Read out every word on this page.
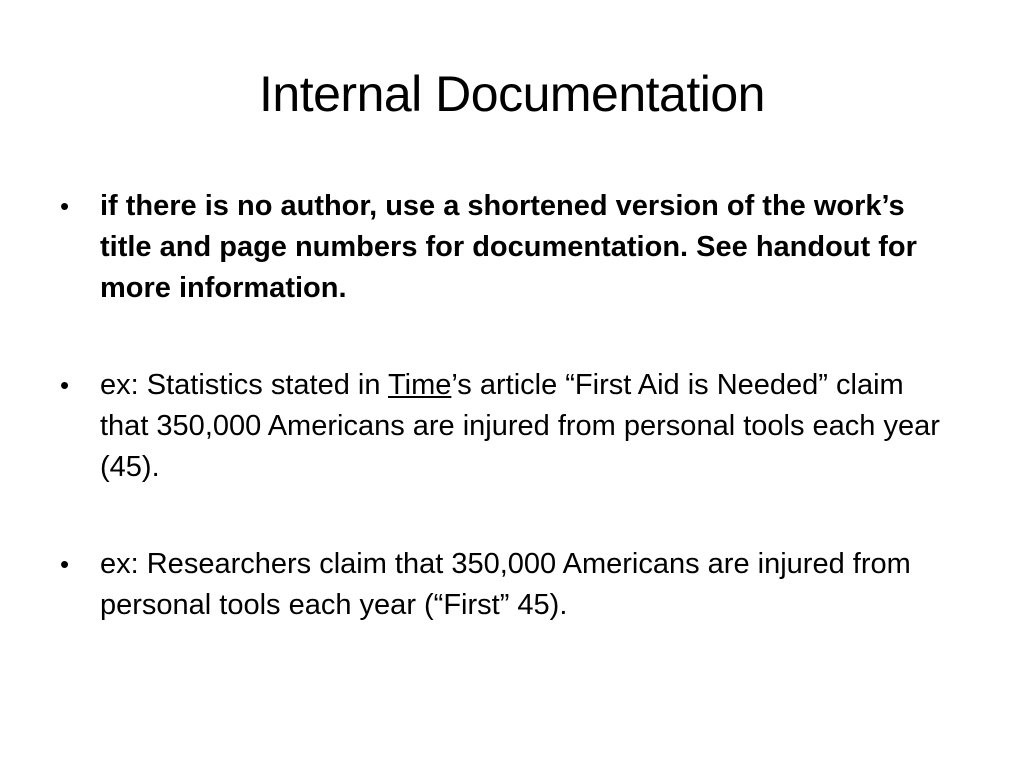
Internal Documentation
• if there is no author, use a shortened version of the work’s title and page numbers for documentation. See handout for more information.
• ex: Statistics stated in Time’s article “First Aid is Needed” claim that 350,000 Americans are injured from personal tools each year (45).
• ex: Researchers claim that 350,000 Americans are injured from personal tools each year (“First” 45).
